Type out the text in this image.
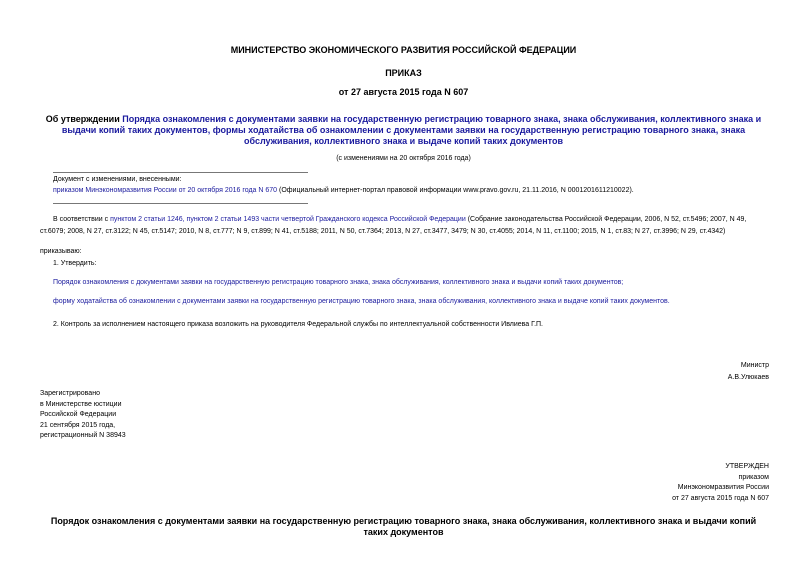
МИНИСТЕРСТВО ЭКОНОМИЧЕСКОГО РАЗВИТИЯ РОССИЙСКОЙ ФЕДЕРАЦИИ
ПРИКАЗ
от 27 августа 2015 года N 607
Об утверждении Порядка ознакомления с документами заявки на государственную регистрацию товарного знака, знака обслуживания, коллективного знака и выдачи копий таких документов, формы ходатайства об ознакомлении с документами заявки на государственную регистрацию товарного знака, знака обслуживания, коллективного знака и выдаче копий таких документов
(с изменениями на 20 октября 2016 года)
Документ с изменениями, внесенными:
приказом Минэкономразвития России от 20 октября 2016 года N 670 (Официальный интернет-портал правовой информации www.pravo.gov.ru, 21.11.2016, N 0001201611210022).
В соответствии с пунктом 2 статьи 1246, пунктом 2 статьи 1493 части четвертой Гражданского кодекса Российской Федерации (Собрание законодательства Российской Федерации, 2006, N 52, ст.5496; 2007, N 49, ст.6079; 2008, N 27, ст.3122; N 45, ст.5147; 2010, N 8, ст.777; N 9, ст.899; N 41, ст.5188; 2011, N 50, ст.7364; 2013, N 27, ст.3477, 3479; N 30, ст.4055; 2014, N 11, ст.1100; 2015, N 1, ст.83; N 27, ст.3996; N 29, ст.4342)
приказываю:
1. Утвердить:
Порядок ознакомления с документами заявки на государственную регистрацию товарного знака, знака обслуживания, коллективного знака и выдачи копий таких документов;
форму ходатайства об ознакомлении с документами заявки на государственную регистрацию товарного знака, знака обслуживания, коллективного знака и выдаче копий таких документов.
2. Контроль за исполнением настоящего приказа возложить на руководителя Федеральной службы по интеллектуальной собственности Ивлиева Г.П.
Министр
А.В.Улюкаев
Зарегистрировано
в Министерстве юстиции
Российской Федерации
21 сентября 2015 года,
регистрационный N 38943
УТВЕРЖДЕН
приказом
Минэкономразвития России
от 27 августа 2015 года N 607
Порядок ознакомления с документами заявки на государственную регистрацию товарного знака, знака обслуживания, коллективного знака и выдачи копий таких документов
